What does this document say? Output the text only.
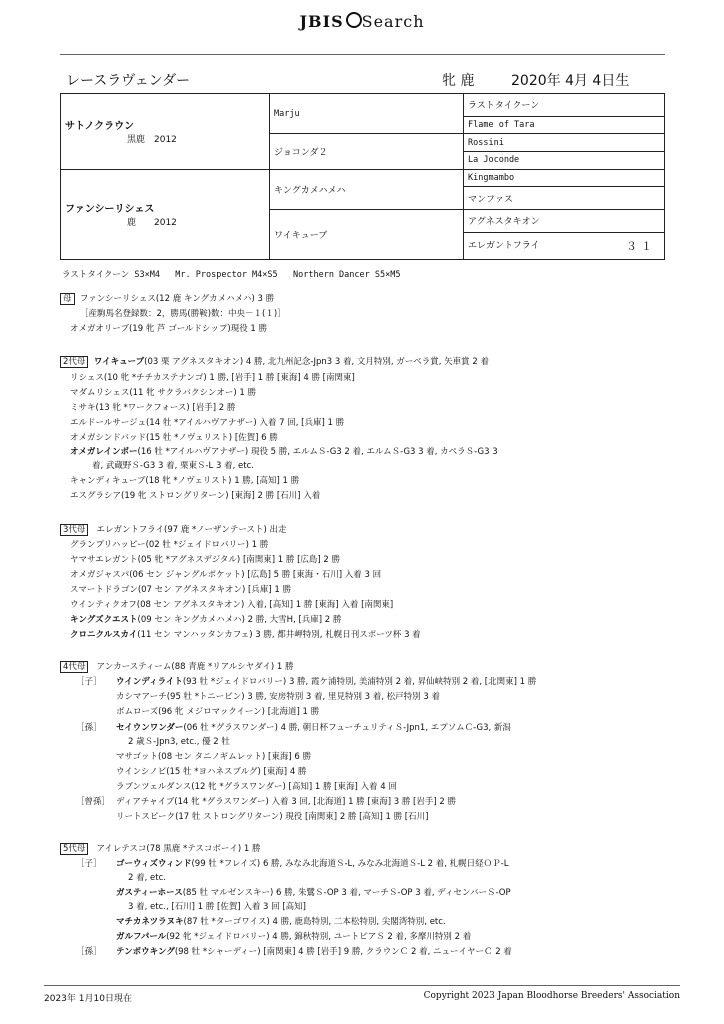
JBIS Search
レースラヴェンダー	牝 鹿	2020年 4月 4日生
サトノクラウン
黒鹿　2012	Marju	ラストタイクーン
		Flame of Tara
	ジョコンダ２	Rossini
		La Joconde

ファンシーリシェス
鹿　　2012	キングカメハメハ	Kingmambo
		マンファス
	ワイキューブ	アグネスタキオン
		エレガントフライ ３１
ラストタイクーン S3×M4   Mr. Prospector M4×S5   Northern Dancer S5×M5
母 ファンシーリシェス(12 鹿 キングカメハメハ) 3 勝
［産駒馬名登録数：2，勝馬(勝鞍)数：中央－１(１)］
オメガオリーブ(19 牝 芦 ゴールドシップ)現役 1 勝
2代母 ワイキューブ(03 栗 アグネスタキオン) 4 勝, 北九州記念-Jpn3 3 着, 文月特別, ガーベラ賞, 矢車賞 2 着
リシェス(10 牝 *チチカステナンゴ) 1 勝, [岩手] 1 勝 [東海] 4 勝 [南関東]
マダムリシェス(11 牝 サクラバクシンオー) 1 勝
ミサキ(13 牝 *ワークフォース) [岩手] 2 勝
エルドールサージュ(14 牡 *アイルハヴアナザー) 入着 7 回, [兵庫] 1 勝
オメガシンドバッド(15 牡 *ノヴェリスト) [佐賀] 6 勝
オメガレインボー(16 牡 *アイルハヴアナザー) 現役 5 勝, エルムＳ-G3 2 着, エルムＳ-G3 3 着, カペラＳ-G3 3
着, 武蔵野Ｓ-G3 3 着, 栗東Ｓ-L 3 着, etc.
キャンディキューブ(18 牝 *ノヴェリスト) 1 勝, [高知] 1 勝
エスグラシア(19 牝 ストロングリターン) [東海] 2 勝 [石川] 入着
3代母 エレガントフライ(97 鹿 *ノーザンテースト) 出走
グランプリハッピー(02 牡 *ジェイドロバリー) 1 勝
ヤマサエレガント(05 牝 *アグネスデジタル) [南関東] 1 勝 [広島] 2 勝
オメガジャスパ(06 セン ジャングルポケット) [広島] 5 勝 [東海・石川] 入着 3 回
スマートドラゴン(07 セン アグネスタキオン) [兵庫] 1 勝
ウインティクオフ(08 セン アグネスタキオン) 入着, [高知] 1 勝 [東海] 入着 [南関東]
キングズクエスト(09 セン キングカメハメハ) 2 勝, 大雪H, [兵庫] 2 勝
クロニクルスカイ(11 セン マンハッタンカフェ) 3 勝, 都井岬特別, 札幌日刊スポーツ杯 3 着
4代母 アンカースティーム(88 青鹿 *リアルシヤダイ) 1 勝
［子］ ウインディライト(93 牡 *ジェイドロバリー) 3 勝, 霞ケ浦特別, 美浦特別 2 着, 昇仙峡特別 2 着, [北関東] 1 勝
カシマアーチ(95 牡 *トニービン) 3 勝, 安房特別 3 着, 里見特別 3 着, 松戸特別 3 着
ボムローズ(96 牝 メジロマックイーン) [北海道] 1 勝
［孫］ セイウンワンダー(06 牡 *グラスワンダー) 4 勝, 朝日杯フューチュリティＳ-Jpn1, エプソムＣ-G3, 新潟
2 歳Ｓ-Jpn3, etc., 優 2 牡
マサゴット(08 セン タニノギムレット) [東海] 6 勝
ウインシノビ(15 牡 *ヨハネスブルグ) [東海] 4 勝
ラブンツェルダンス(12 牝 *グラスワンダー) [高知] 1 勝 [東海] 入着 4 回
［曾孫］ ディアチャイブ(14 牝 *グラスワンダー) 入着 3 回, [北海道] 1 勝 [東海] 3 勝 [岩手] 2 勝
リートスピーク(17 牡 ストロングリターン) 現役 [南関東] 2 勝 [高知] 1 勝 [石川]
5代母 アイレテスコ(78 黒鹿 *テスコボーイ) 1 勝
［子］ ゴーウィズウィンド(99 牡 *フレイズ) 6 勝, みなみ北海道Ｓ-L, みなみ北海道Ｓ-L 2 着, 札幌日経ＯＰ-L
2 着, etc.
ガスティーホース(85 牡 マルゼンスキー) 6 勝, 朱鷺Ｓ-OP 3 着, マーチＳ-OP 3 着, ディセンバーＳ-OP
3 着, etc., [石川] 1 勝 [佐賀] 入着 3 回 [高知]
マチカネツラヌキ(87 牡 *ターゴワイス) 4 勝, 鹿島特別, 二本松特別, 尖閣湾特別, etc.
ガルフパール(92 牝 *ジェイドロバリー) 4 勝, 錦秋特別, ユートピアＳ 2 着, 多摩川特別 2 着
［孫］ テンポウキング(98 牡 *シャーディー) [南関東] 4 勝 [岩手] 9 勝, クラウンＣ 2 着, ニューイヤーＣ 2 着
2023年 1月10日現在	Copyright 2023 Japan Bloodhorse Breeders' Association
